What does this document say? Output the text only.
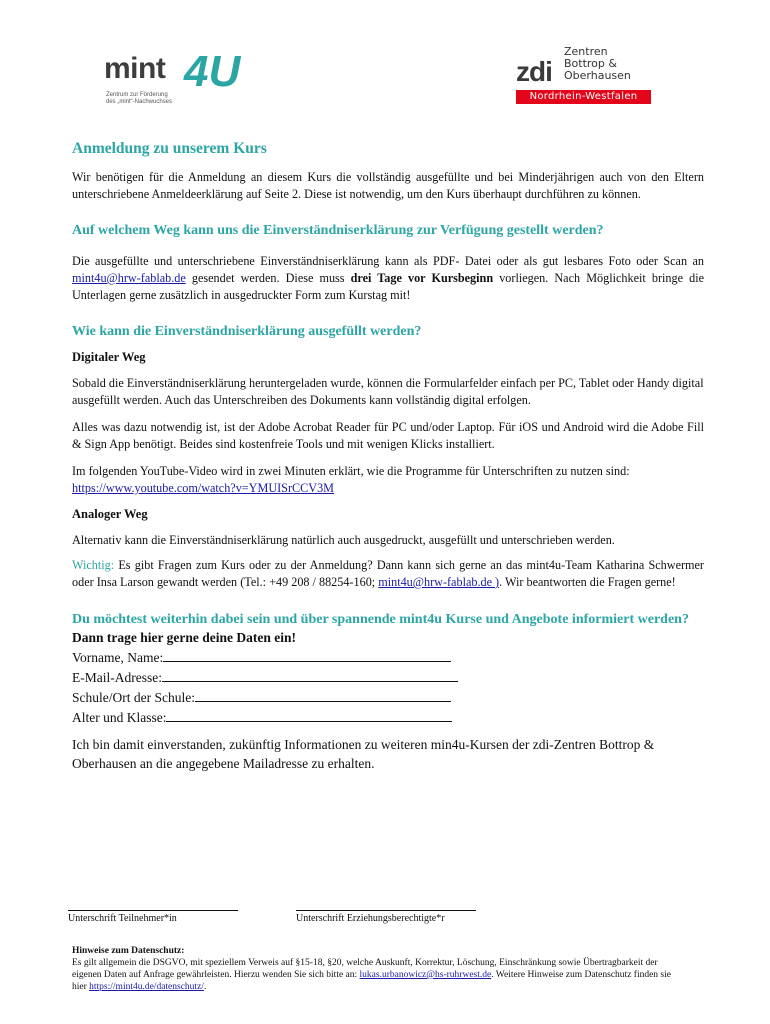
mint 4U
Zentrum zur Förderung
des „mint“-Nachwuchses
zdi
Zentren
Bottrop &
Oberhausen
Nordrhein-Westfalen
Anmeldung zu unserem Kurs

Wir benötigen für die Anmeldung an diesem Kurs die vollständig ausgefüllte und bei Minderjährigen auch von den Eltern unterschriebene Anmeldeerklärung auf Seite 2. Diese ist notwendig, um den Kurs überhaupt durchführen zu können.

Auf welchem Weg kann uns die Einverständniserklärung zur Verfügung gestellt werden?

Die ausgefüllte und unterschriebene Einverständniserklärung kann als PDF- Datei oder als gut lesbares Foto oder Scan an mint4u@hrw-fablab.de gesendet werden. Diese muss drei Tage vor Kursbeginn vorliegen. Nach Möglichkeit bringe die Unterlagen gerne zusätzlich in ausgedruckter Form zum Kurstag mit!

Wie kann die Einverständniserklärung ausgefüllt werden?
Digitaler Weg

Sobald die Einverständniserklärung heruntergeladen wurde, können die Formularfelder einfach per PC, Tablet oder Handy digital ausgefüllt werden. Auch das Unterschreiben des Dokuments kann vollständig digital erfolgen.

Alles was dazu notwendig ist, ist der Adobe Acrobat Reader für PC und/oder Laptop. Für iOS und Android wird die Adobe Fill & Sign App benötigt. Beides sind kostenfreie Tools und mit wenigen Klicks installiert.

Im folgenden YouTube-Video wird in zwei Minuten erklärt, wie die Programme für Unterschriften zu nutzen sind: https://www.youtube.com/watch?v=YMUISrCCV3M

Analoger Weg

Alternativ kann die Einverständniserklärung natürlich auch ausgedruckt, ausgefüllt und unterschrieben werden.

Wichtig: Es gibt Fragen zum Kurs oder zu der Anmeldung? Dann kann sich gerne an das mint4u-Team Katharina Schwermer oder Insa Larson gewandt werden (Tel.: +49 208 / 88254-160; mint4u@hrw-fablab.de ). Wir beantworten die Fragen gerne!

Du möchtest weiterhin dabei sein und über spannende mint4u Kurse und Angebote informiert werden?
Dann trage hier gerne deine Daten ein!
Vorname, Name:
E-Mail-Adresse:
Schule/Ort der Schule:
Alter und Klasse:

Ich bin damit einverstanden, zukünftig Informationen zu weiteren min4u-Kursen der zdi-Zentren Bottrop & Oberhausen an die angegebene Mailadresse zu erhalten.

Unterschrift Teilnehmer*in	Unterschrift Erziehungsberechtigte*r
Hinweise zum Datenschutz:
Es gilt allgemein die DSGVO, mit speziellem Verweis auf §15-18, §20, welche Auskunft, Korrektur, Löschung, Einschränkung sowie Übertragbarkeit der eigenen Daten auf Anfrage gewährleisten. Hierzu wenden Sie sich bitte an: lukas.urbanowicz@hs-ruhrwest.de. Weitere Hinweise zum Datenschutz finden sie hier https://mint4u.de/datenschutz/.
